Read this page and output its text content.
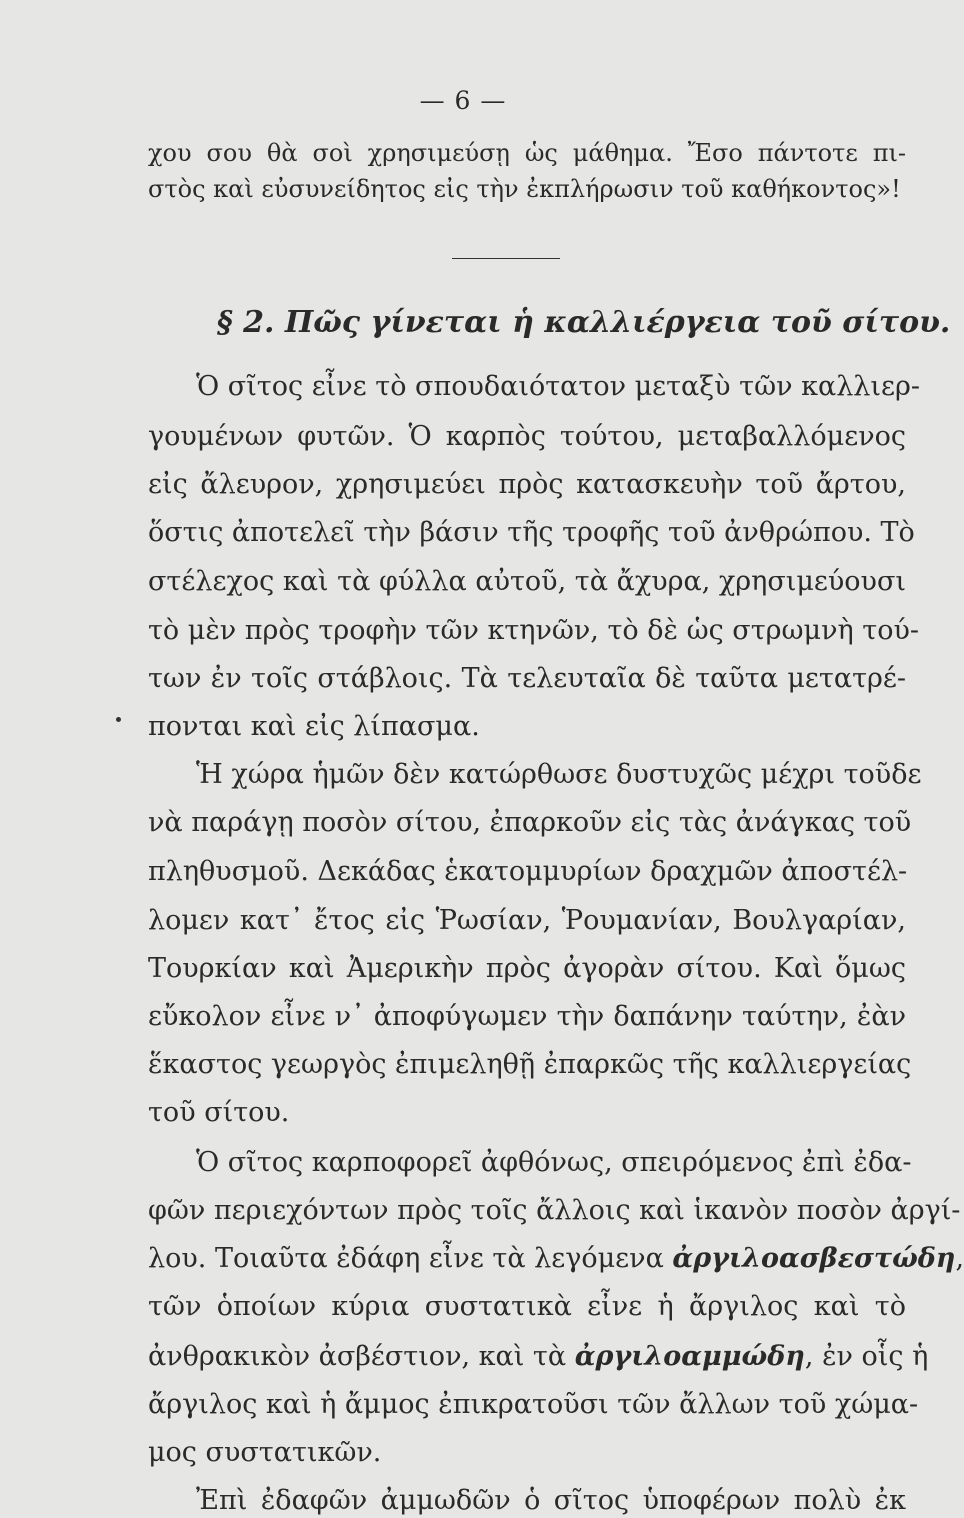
— 6 —
χου σου θὰ σοὶ χρησιμεύσῃ ὡς μάθημα. Ἔσο πάντοτε πι-
στὸς καὶ εὐσυνείδητος εἰς τὴν ἐκπλήρωσιν τοῦ καθήκοντος»!
§ 2. Πῶς γίνεται ἡ καλλιέργεια τοῦ σίτου.
Ὁ σῖτος εἶνε τὸ σπουδαιότατον μεταξὺ τῶν καλλιερ-
γουμένων φυτῶν. Ὁ καρπὸς τούτου, μεταβαλλόμενος
εἰς ἄλευρον, χρησιμεύει πρὸς κατασκευὴν τοῦ ἄρτου,
ὅστις ἀποτελεῖ τὴν βάσιν τῆς τροφῆς τοῦ ἀνθρώπου. Τὸ
στέλεχος καὶ τὰ φύλλα αὐτοῦ, τὰ ἄχυρα, χρησιμεύουσι
τὸ μὲν πρὸς τροφὴν τῶν κτηνῶν, τὸ δὲ ὡς στρωμνὴ τού-
των ἐν τοῖς στάβλοις. Τὰ τελευταῖα δὲ ταῦτα μετατρέ-
πονται καὶ εἰς λίπασμα.
Ἡ χώρα ἡμῶν δὲν κατώρθωσε δυστυχῶς μέχρι τοῦδε
νὰ παράγῃ ποσὸν σίτου, ἐπαρκοῦν εἰς τὰς ἀνάγκας τοῦ
πληθυσμοῦ. Δεκάδας ἑκατομμυρίων δραχμῶν ἀποστέλ-
λομεν κατ᾽ ἔτος εἰς Ῥωσίαν, Ῥουμανίαν, Βουλγαρίαν,
Τουρκίαν καὶ Ἀμερικὴν πρὸς ἀγορὰν σίτου. Καὶ ὅμως
εὔκολον εἶνε ν᾽ ἀποφύγωμεν τὴν δαπάνην ταύτην, ἐὰν
ἕκαστος γεωργὸς ἐπιμεληθῇ ἐπαρκῶς τῆς καλλιεργείας
τοῦ σίτου.
Ὁ σῖτος καρποφορεῖ ἀφθόνως, σπειρόμενος ἐπὶ ἐδα-
φῶν περιεχόντων πρὸς τοῖς ἄλλοις καὶ ἱκανὸν ποσὸν ἀργί-
λου. Τοιαῦτα ἐδάφη εἶνε τὰ λεγόμενα ἀργιλοασβεστώδη,
τῶν ὁποίων κύρια συστατικὰ εἶνε ἡ ἄργιλος καὶ τὸ
ἀνθρακικὸν ἀσβέστιον, καὶ τὰ ἀργιλοαμμώδη, ἐν οἷς ἡ
ἄργιλος καὶ ἡ ἄμμος ἐπικρατοῦσι τῶν ἄλλων τοῦ χώμα-
μος συστατικῶν.
Ἐπὶ ἐδαφῶν ἀμμωδῶν ὁ σῖτος ὑποφέρων πολὺ ἐκ
